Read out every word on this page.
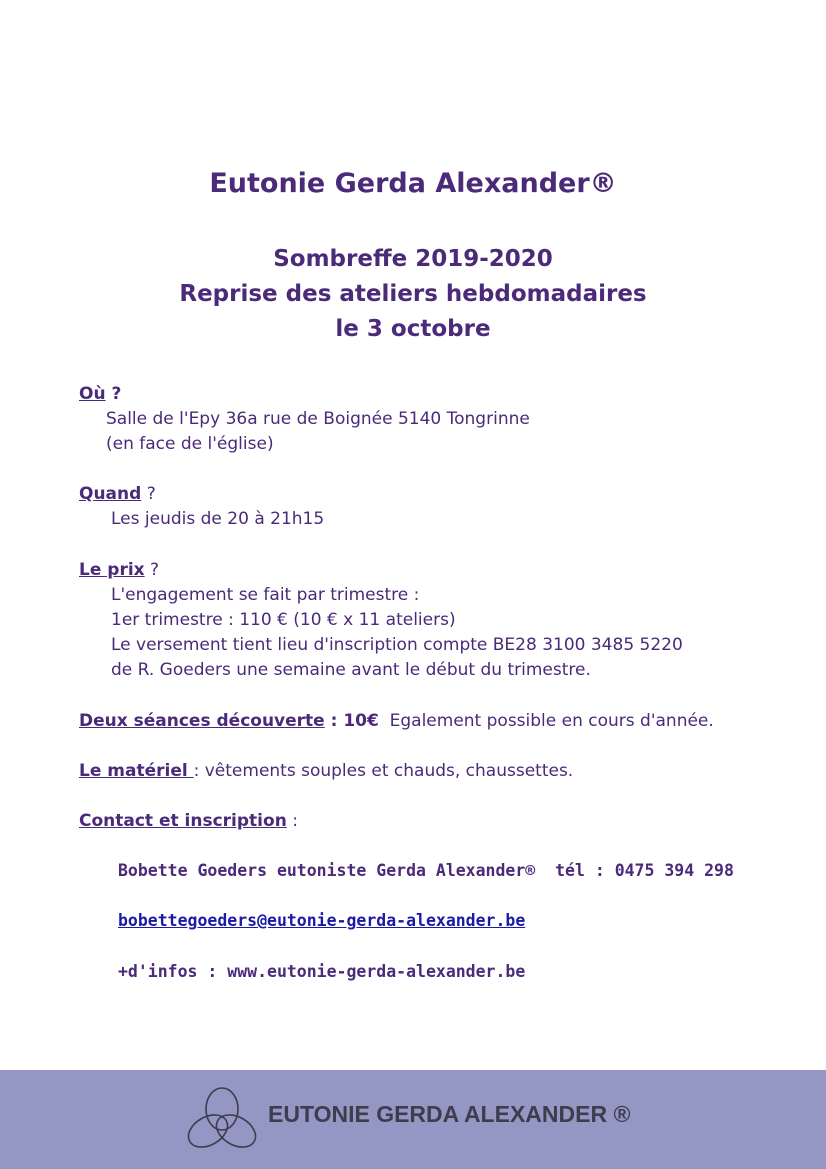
Eutonie Gerda Alexander®
Sombreffe 2019-2020
Reprise des ateliers hebdomadaires
le 3 octobre
Où ?
Salle de l'Epy 36a rue de Boignée 5140 Tongrinne
(en face de l'église)
Quand ?
Les jeudis de 20 à 21h15
Le prix ?
L'engagement se fait par trimestre :
1er trimestre : 110 € (10 € x 11 ateliers)
Le versement tient lieu d'inscription compte BE28 3100 3485 5220
de R. Goeders une semaine avant le début du trimestre.
Deux séances découverte : 10€  Egalement possible en cours d'année.
Le matériel : vêtements souples et chauds, chaussettes.
Contact et inscription :
Bobette Goeders eutoniste Gerda Alexander®  tél : 0475 394 298
bobettegoeders@eutonie-gerda-alexander.be
+d'infos : www.eutonie-gerda-alexander.be
EUTONIE GERDA ALEXANDER ®
